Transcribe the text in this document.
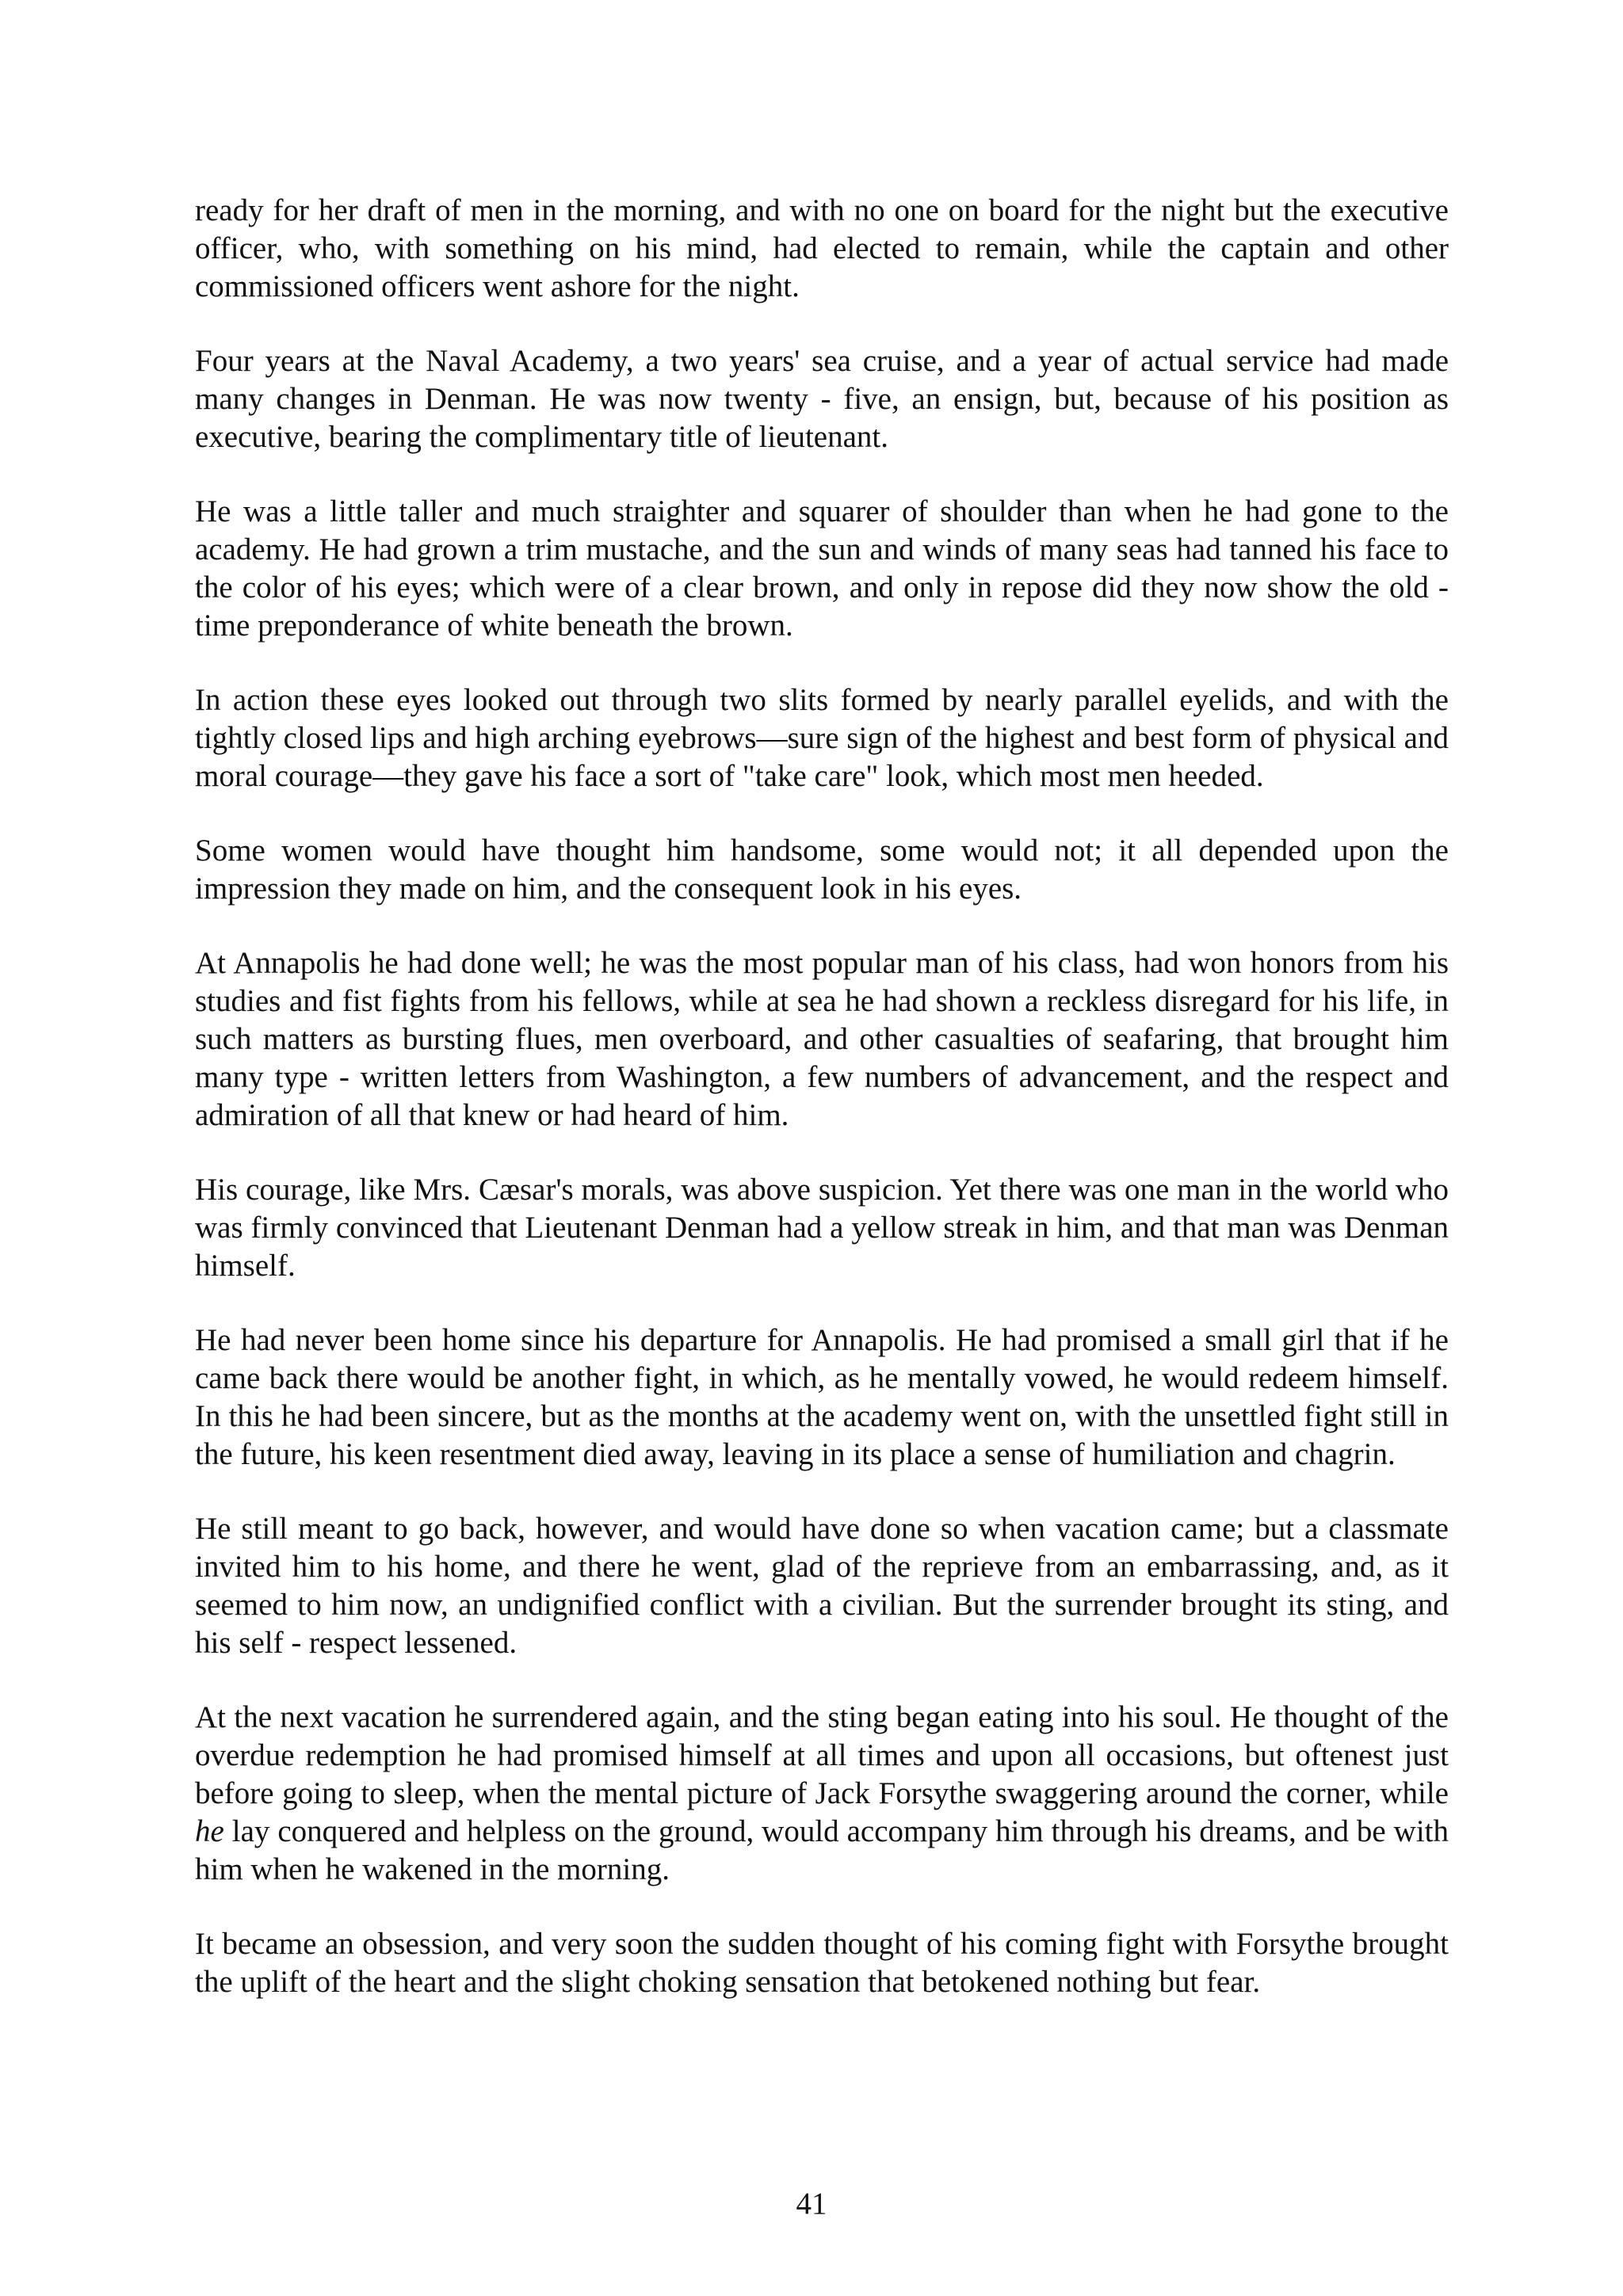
ready for her draft of men in the morning, and with no one on board for the night but the executive officer, who, with something on his mind, had elected to remain, while the captain and other commissioned officers went ashore for the night.

Four years at the Naval Academy, a two years' sea cruise, and a year of actual service had made many changes in Denman. He was now twenty - five, an ensign, but, because of his position as executive, bearing the complimentary title of lieutenant.

He was a little taller and much straighter and squarer of shoulder than when he had gone to the academy. He had grown a trim mustache, and the sun and winds of many seas had tanned his face to the color of his eyes; which were of a clear brown, and only in repose did they now show the old - time preponderance of white beneath the brown.

In action these eyes looked out through two slits formed by nearly parallel eyelids, and with the tightly closed lips and high arching eyebrows—sure sign of the highest and best form of physical and moral courage—they gave his face a sort of "take care" look, which most men heeded.

Some women would have thought him handsome, some would not; it all depended upon the impression they made on him, and the consequent look in his eyes.

At Annapolis he had done well; he was the most popular man of his class, had won honors from his studies and fist fights from his fellows, while at sea he had shown a reckless disregard for his life, in such matters as bursting flues, men overboard, and other casualties of seafaring, that brought him many type - written letters from Washington, a few numbers of advancement, and the respect and admiration of all that knew or had heard of him.

His courage, like Mrs. Cæsar's morals, was above suspicion. Yet there was one man in the world who was firmly convinced that Lieutenant Denman had a yellow streak in him, and that man was Denman himself.

He had never been home since his departure for Annapolis. He had promised a small girl that if he came back there would be another fight, in which, as he mentally vowed, he would redeem himself. In this he had been sincere, but as the months at the academy went on, with the unsettled fight still in the future, his keen resentment died away, leaving in its place a sense of humiliation and chagrin.

He still meant to go back, however, and would have done so when vacation came; but a classmate invited him to his home, and there he went, glad of the reprieve from an embarrassing, and, as it seemed to him now, an undignified conflict with a civilian. But the surrender brought its sting, and his self - respect lessened.

At the next vacation he surrendered again, and the sting began eating into his soul. He thought of the overdue redemption he had promised himself at all times and upon all occasions, but oftenest just before going to sleep, when the mental picture of Jack Forsythe swaggering around the corner, while he lay conquered and helpless on the ground, would accompany him through his dreams, and be with him when he wakened in the morning.

It became an obsession, and very soon the sudden thought of his coming fight with Forsythe brought the uplift of the heart and the slight choking sensation that betokened nothing but fear.

41
